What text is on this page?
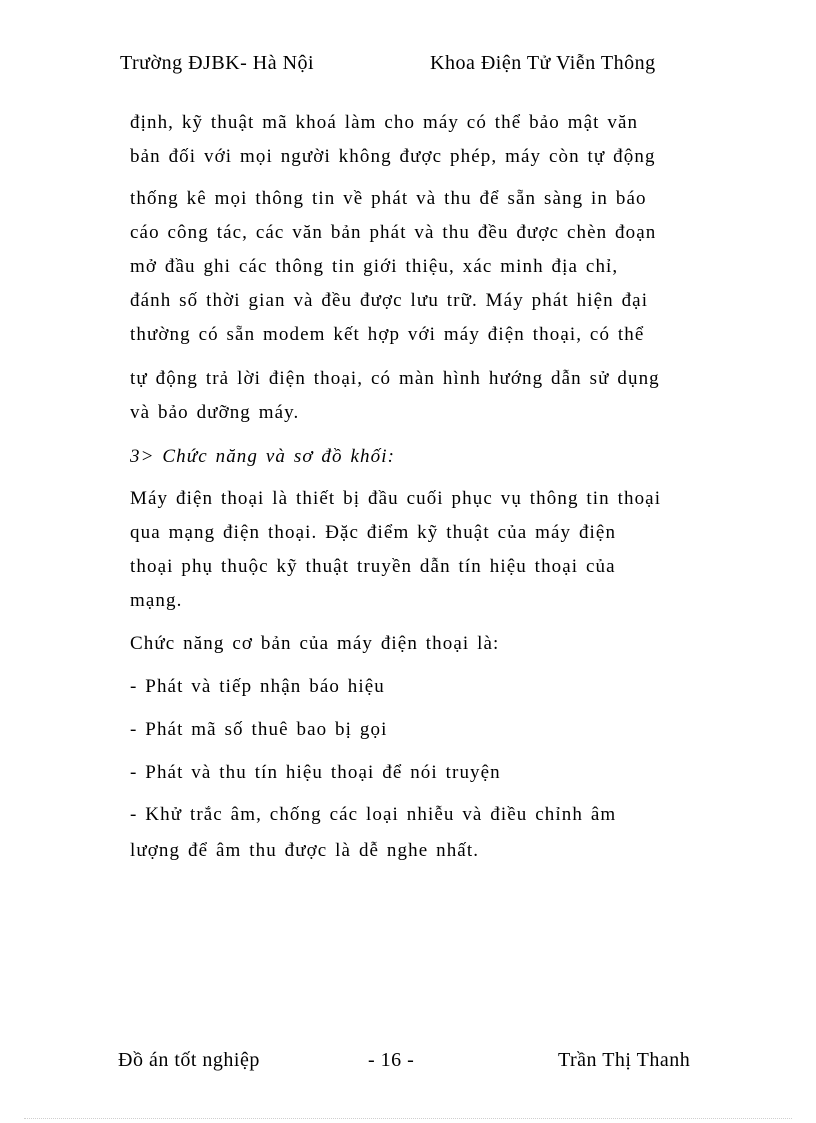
Trường ĐJBK- Hà Nội	Khoa Điện Tử Viễn Thông
định, kỹ thuật mã khoá làm cho máy có thể bảo mật văn
bản đối với mọi người không được phép, máy còn tự động
thống kê mọi thông tin về phát và thu để sẵn sàng in báo
cáo công tác, các văn bản phát và thu đều được chèn đoạn
mở đầu ghi các thông tin giới thiệu, xác minh địa chỉ,
đánh số thời gian và đều được lưu trữ. Máy phát hiện đại
thường có sẵn modem kết hợp với máy điện thoại, có thể
tự động trả lời điện thoại, có màn hình hướng dẫn sử dụng
và bảo dưỡng máy.
3> Chức năng và sơ đồ khối:
Máy điện thoại là thiết bị đầu cuối phục vụ thông tin thoại
qua mạng điện thoại. Đặc điểm kỹ thuật của máy điện
thoại phụ thuộc kỹ thuật truyền dẫn tín hiệu thoại của
mạng.
Chức năng cơ bản của máy điện thoại là:
- Phát và tiếp nhận báo hiệu
- Phát mã số thuê bao bị gọi
- Phát và thu tín hiệu thoại để nói truyện
- Khử trắc âm, chống các loại nhiễu và điều chỉnh âm
lượng để âm thu được là dễ nghe nhất.
Đồ án tốt nghiệp	- 16 -	Trần Thị Thanh
